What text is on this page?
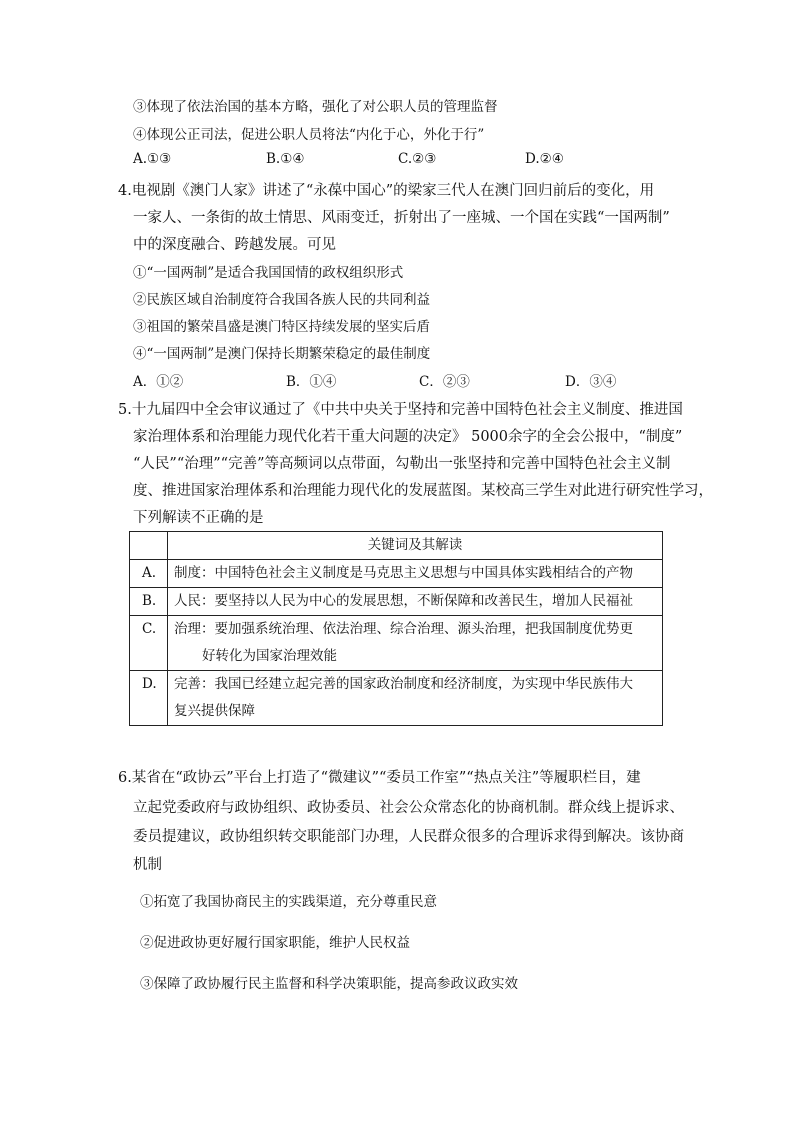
③体现了依法治国的基本方略，强化了对公职人员的管理监督
④体现公正司法，促进公职人员将法“内化于心，外化于行”
A.①③	B.①④	C.②③	D.②④
4.电视剧《澳门人家》讲述了“永葆中国心”的梁家三代人在澳门回归前后的变化，用
一家人、一条街的故土情思、风雨变迁，折射出了一座城、一个国在实践“一国两制”
中的深度融合、跨越发展。可见
①“一国两制”是适合我国国情的政权组织形式
②民族区域自治制度符合我国各族人民的共同利益
③祖国的繁荣昌盛是澳门特区持续发展的坚实后盾
④“一国两制”是澳门保持长期繁荣稳定的最佳制度
A．①②	B．①④	C．②③	D．③④
5.十九届四中全会审议通过了《中共中央关于坚持和完善中国特色社会主义制度、推进国
家治理体系和治理能力现代化若干重大问题的决定》 5000余字的全会公报中，“制度”
“人民”“治理”“完善”等高频词以点带面，勾勒出一张坚持和完善中国特色社会主义制
度、推进国家治理体系和治理能力现代化的发展蓝图。某校高三学生对此进行研究性学习，
下列解读不正确的是
	关键词及其解读
A.	制度：中国特色社会主义制度是马克思主义思想与中国具体实践相结合的产物
B.	人民：要坚持以人民为中心的发展思想，不断保障和改善民生，增加人民福祉
C.	治理：要加强系统治理、依法治理、综合治理、源头治理，把我国制度优势更

好转化为国家治理效能

D.	完善：我国已经建立起完善的国家政治制度和经济制度，为实现中华民族伟大
复兴提供保障
6.某省在“政协云”平台上打造了“微建议”“委员工作室”“热点关注”等履职栏目，建
立起党委政府与政协组织、政协委员、社会公众常态化的协商机制。群众线上提诉求、
委员提建议，政协组织转交职能部门办理，人民群众很多的合理诉求得到解决。该协商
机制
①拓宽了我国协商民主的实践渠道，充分尊重民意
②促进政协更好履行国家职能，维护人民权益
③保障了政协履行民主监督和科学决策职能，提高参政议政实效
